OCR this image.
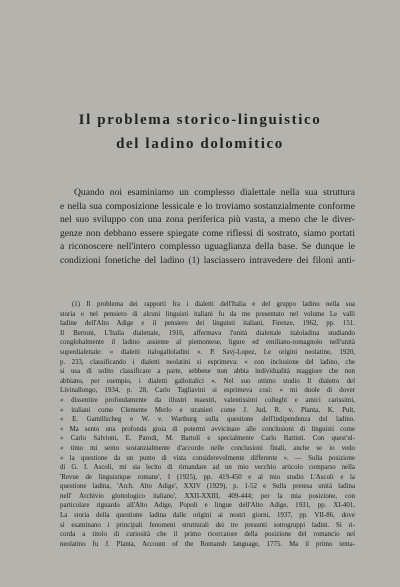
Il problema storico-linguistico
del ladino dolomitico
Quando noi esaminiamo un complesso dialettale nella sua struttura
e nella sua composizione lessicale e lo troviamo sostanzialmente conforme
nel suo sviluppo con una zona periferica più vasta, a meno che le diver-
genze non debbano essere spiegate come riflessi di sostrato, siamo portati
a riconoscere nell'intero complesso uguaglianza della base. Se dunque le
condizioni fonetiche del ladino (1) lasciassero intravedere dei filoni anti-
(1) Il problema dei rapporti fra i dialetti dell'Italia e del gruppo ladino nella sua
storia e nel pensiero di alcuni linguisti italiani fu da me presentato nel volume Le valli
ladine dell'Alto Adige e il pensiero dei linguisti italiani, Firenze, 1962, pp. 151.
Il Bertoni, L'Italia dialettale, 1916, affermava l'unità dialettale italoladina studiando
conglobalmente il ladino assieme al piemontese, ligure ed emiliano-romagnolo nell'unità
superdialettale: « dialetti italogalloladini ». P. Savj-Lopez, Le origini neolatine, 1920,
p. 233, classificando i dialetti neolatini si esprimeva: « con inclusione del ladino, che
si usa di solito classificare a parte, sebbene non abbia individualità maggiore che non
abbiano, per esempio, i dialetti galloitalici ». Nel suo ottimo studio Il dialetto del
Livinallongo, 1934, p. 28, Carlo Tagliavini si esprimeva così: « mi duole di dover
« dissentire profondamente da illustri maestri, valentissimi colleghi e amici carissimi,
« italiani come Clemente Merlo e stranieri come J. Jud, R. v. Planta, K. Pult,
« E. Gamillscheg e W. v. Wartburg sulla questione dell'indipendenza del ladino.
« Ma sento una profonda gioia di potermi avvicinare alle conclusioni di linguisti come
« Carlo Salvioni, E. Parodi, M. Bartoli e specialmente Carlo Battisti. Con quest'ul-
« timo mi sento sostanzialmente d'accordo nelle conclusioni finali, anche se io vedo
« la questione da un punto di vista considerevolmente differente ». — Sulla posizione
di G. I. Ascoli, mi sia lecito di rimandare ad un mio vecchio articolo comparso nella
'Revue de linguistique romane', I (1925), pp. 419-450 e al mio studio L'Ascoli e la
questione ladina, 'Arch. Alto Adige', XXIV (1929), p. 1-52 e Sulla pretesa unità ladina
nell' Archivio glottologico italiano', XXII-XXIII, 409-444; per la mia posizione, con
particolare riguardo all'Alto Adige, Popoli e lingue dell'Alto Adige, 1931, pp. XI-401,
La storia della questione ladina dalle origini ai nostri giorni, 1937, pp. VII-86, dove
si esaminano i principali fenomeni strutturali dei tre presunti sottogruppi ladini. Si ri-
corda a titolo di curiosità che il primo ricercatore della posizione del romancio nel
neolatino fu J. Planta, Account of the Romansh language, 1775. Ma il primo tenta-
